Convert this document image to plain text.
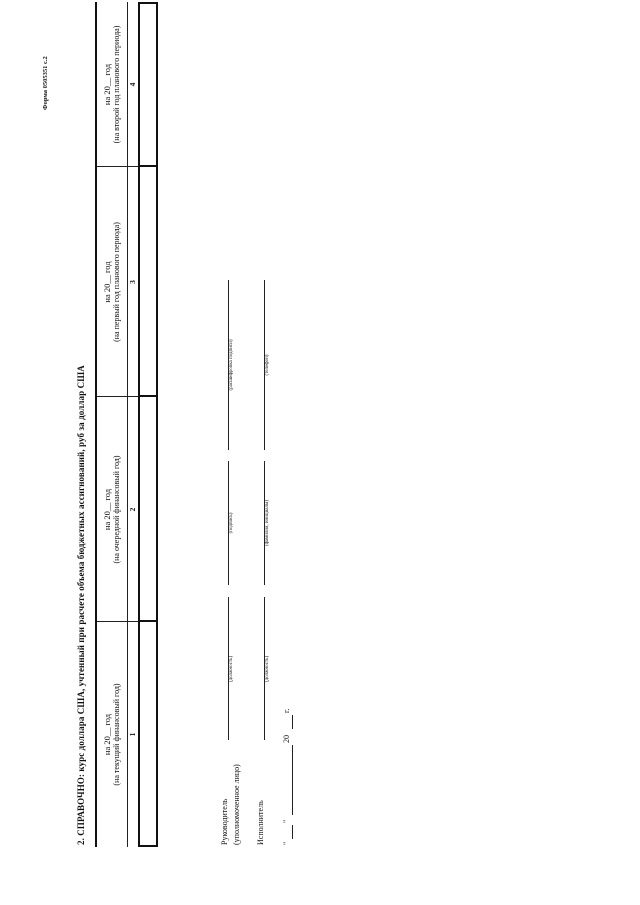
Форма 0505351 с.2
2. СПРАВОЧНО: курс доллара США, учтенный при расчете объема бюджетных ассигнований, руб за доллар США на 20__ год (на текущий финансовый год)
на 20__ год (на очередной финансовый год)
на 20__ год (на первый год планового периода)
на 20__ год (на второй год планового периода)
1
2
3
4
Руководитель (уполномоченное лицо)
(должность)
(подпись)
(расшифровка подписи)
Исполнитель
(должность)
(фамилия, инициалы)
(телефон)
"
"
20
г.
